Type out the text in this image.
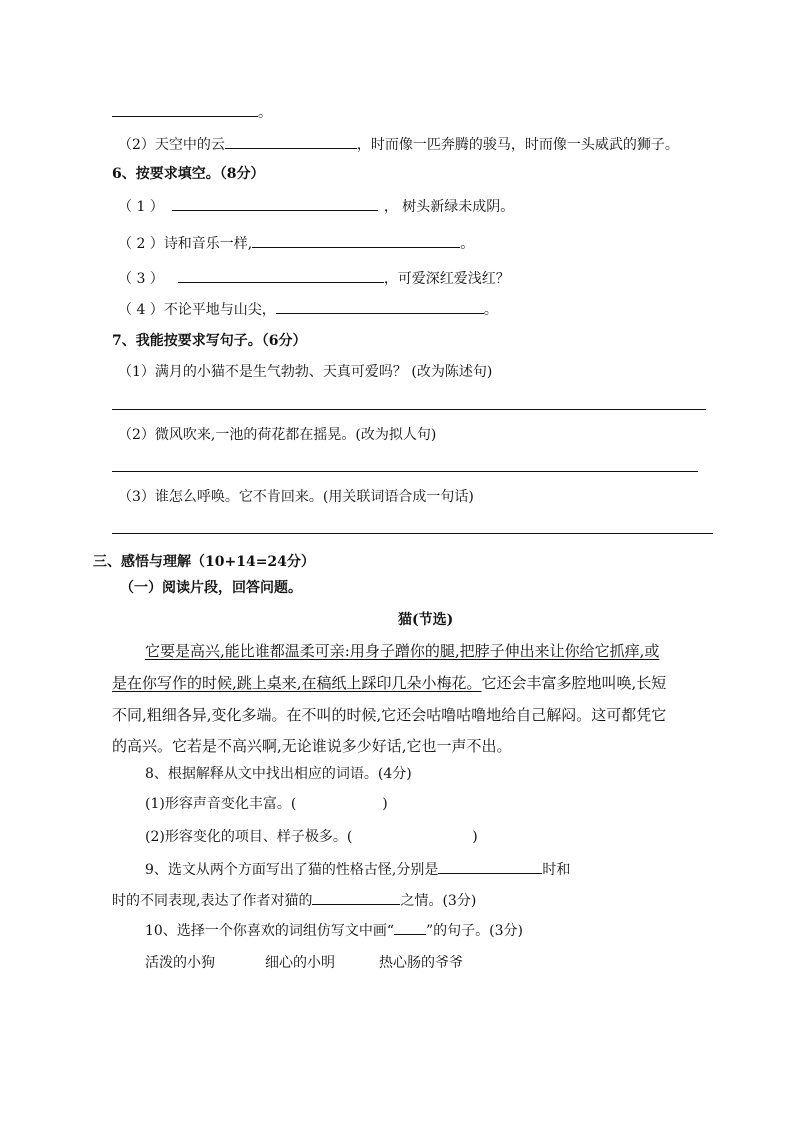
。
（2）天空中的云	，时而像一匹奔腾的骏马，时而像一头威武的狮子。
6、按要求填空。（8分）
（ 1 ）	， 树头新绿未成阴。
（ 2 ）诗和音乐一样,	。
（ 3 ）	，可爱深红爱浅红？
（ 4 ）不论平地与山尖，	。
7、我能按要求写句子。（6分）
（1）满月的小猫不是生气勃勃、天真可爱吗？ (改为陈述句)
（2）微风吹来,一池的荷花都在摇晃。(改为拟人句)
（3）谁怎么呼唤。它不肯回来。(用关联词语合成一句话)
三、感悟与理解（10+14=24分）
（一）阅读片段，回答问题。
猫(节选)
它要是高兴,能比谁都温柔可亲:用身子蹭你的腿,把脖子伸出来让你给它抓痒,或
是在你写作的时候,跳上桌来,在稿纸上踩印几朵小梅花。它还会丰富多腔地叫唤,长短
不同,粗细各异,变化多端。在不叫的时候,它还会咕噜咕噜地给自己解闷。这可都凭它
的高兴。它若是不高兴啊,无论谁说多少好话,它也一声不出。
8、根据解释从文中找出相应的词语。(4分)
(1)形容声音变化丰富。(	)
(2)形容变化的项目、样子极多。(	)
9、选文从两个方面写出了猫的性格古怪,分别是	时和
时的不同表现,表达了作者对猫的	之情。(3分)
10、选择一个你喜欢的词组仿写文中画“ ”的句子。(3分)
活泼的小狗	细心的小明	热心肠的爷爷
